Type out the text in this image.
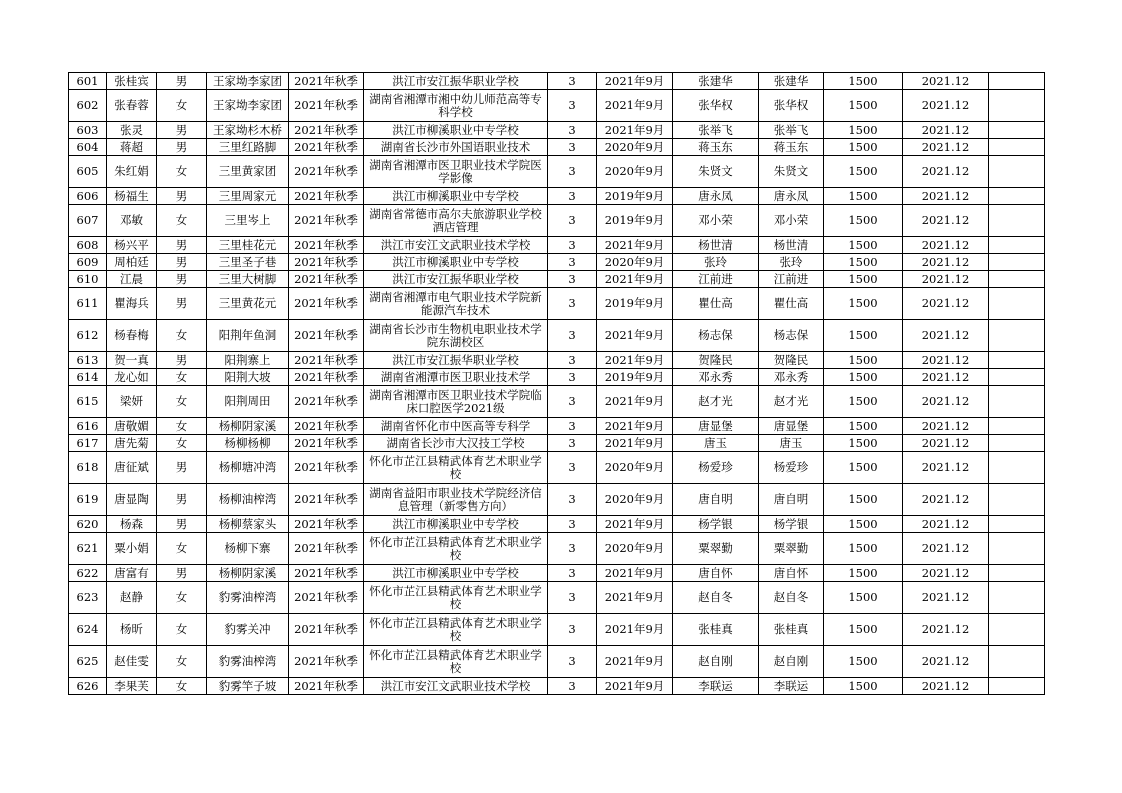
601	张桂宾	男	王家坳李家团	2021年秋季	洪江市安江振华职业学校	3	2021年9月	张建华	张建华	1500	2021.12	
602	张春蓉	女	王家坳李家团	2021年秋季	湖南省湘潭市湘中幼儿师范高等专科学校	3	2021年9月	张华权	张华权	1500	2021.12	
603	张灵	男	王家坳杉木桥	2021年秋季	洪江市柳溪职业中专学校	3	2021年9月	张举飞	张举飞	1500	2021.12	
604	蒋超	男	三里红路脚	2021年秋季	湖南省长沙市外国语职业技术	3	2020年9月	蒋玉东	蒋玉东	1500	2021.12	
605	朱红娟	女	三里黄家团	2021年秋季	湖南省湘潭市医卫职业技术学院医学影像	3	2020年9月	朱贤文	朱贤文	1500	2021.12	
606	杨福生	男	三里周家元	2021年秋季	洪江市柳溪职业中专学校	3	2019年9月	唐永凤	唐永凤	1500	2021.12	
607	邓敏	女	三里岑上	2021年秋季	湖南省常德市高尔夫旅游职业学校酒店管理	3	2019年9月	邓小荣	邓小荣	1500	2021.12	
608	杨兴平	男	三里桂花元	2021年秋季	洪江市安江文武职业技术学校	3	2021年9月	杨世清	杨世清	1500	2021.12	
609	周柏廷	男	三里圣子巷	2021年秋季	洪江市柳溪职业中专学校	3	2020年9月	张玲	张玲	1500	2021.12	
610	江晨	男	三里大树脚	2021年秋季	洪江市安江振华职业学校	3	2021年9月	江前进	江前进	1500	2021.12	
611	瞿海兵	男	三里黄花元	2021年秋季	湖南省湘潭市电气职业技术学院新能源汽车技术	3	2019年9月	瞿仕高	瞿仕高	1500	2021.12	
612	杨春梅	女	阳荆年鱼洞	2021年秋季	湖南省长沙市生物机电职业技术学院东湖校区	3	2021年9月	杨志保	杨志保	1500	2021.12	
613	贺一真	男	阳荆寨上	2021年秋季	洪江市安江振华职业学校	3	2021年9月	贺隆民	贺隆民	1500	2021.12	
614	龙心如	女	阳荆大坡	2021年秋季	湖南省湘潭市医卫职业技术学	3	2019年9月	邓永秀	邓永秀	1500	2021.12	
615	梁妍	女	阳荆周田	2021年秋季	湖南省湘潭市医卫职业技术学院临床口腔医学2021级	3	2021年9月	赵才光	赵才光	1500	2021.12	
616	唐敬媚	女	杨柳阴家溪	2021年秋季	湖南省怀化市中医高等专科学	3	2021年9月	唐显堡	唐显堡	1500	2021.12	
617	唐先菊	女	杨柳杨柳	2021年秋季	湖南省长沙市大汉技工学校	3	2021年9月	唐玉	唐玉	1500	2021.12	
618	唐征斌	男	杨柳塘冲湾	2021年秋季	怀化市芷江县精武体育艺术职业学校	3	2020年9月	杨爱珍	杨爱珍	1500	2021.12	
619	唐显陶	男	杨柳油榨湾	2021年秋季	湖南省益阳市职业技术学院经济信息管理（新零售方向）	3	2020年9月	唐自明	唐自明	1500	2021.12	
620	杨森	男	杨柳蔡家头	2021年秋季	洪江市柳溪职业中专学校	3	2021年9月	杨学银	杨学银	1500	2021.12	
621	粟小娟	女	杨柳下寨	2021年秋季	怀化市芷江县精武体育艺术职业学校	3	2020年9月	粟翠勤	粟翠勤	1500	2021.12	
622	唐富有	男	杨柳阴家溪	2021年秋季	洪江市柳溪职业中专学校	3	2021年9月	唐自怀	唐自怀	1500	2021.12	
623	赵静	女	豹雾油榨湾	2021年秋季	怀化市芷江县精武体育艺术职业学校	3	2021年9月	赵自冬	赵自冬	1500	2021.12	
624	杨昕	女	豹雾关冲	2021年秋季	怀化市芷江县精武体育艺术职业学校	3	2021年9月	张桂真	张桂真	1500	2021.12	
625	赵佳雯	女	豹雾油榨湾	2021年秋季	怀化市芷江县精武体育艺术职业学校	3	2021年9月	赵自刚	赵自刚	1500	2021.12	
626	李果芙	女	豹雾竿子坡	2021年秋季	洪江市安江文武职业技术学校	3	2021年9月	李联运	李联运	1500	2021.12	
